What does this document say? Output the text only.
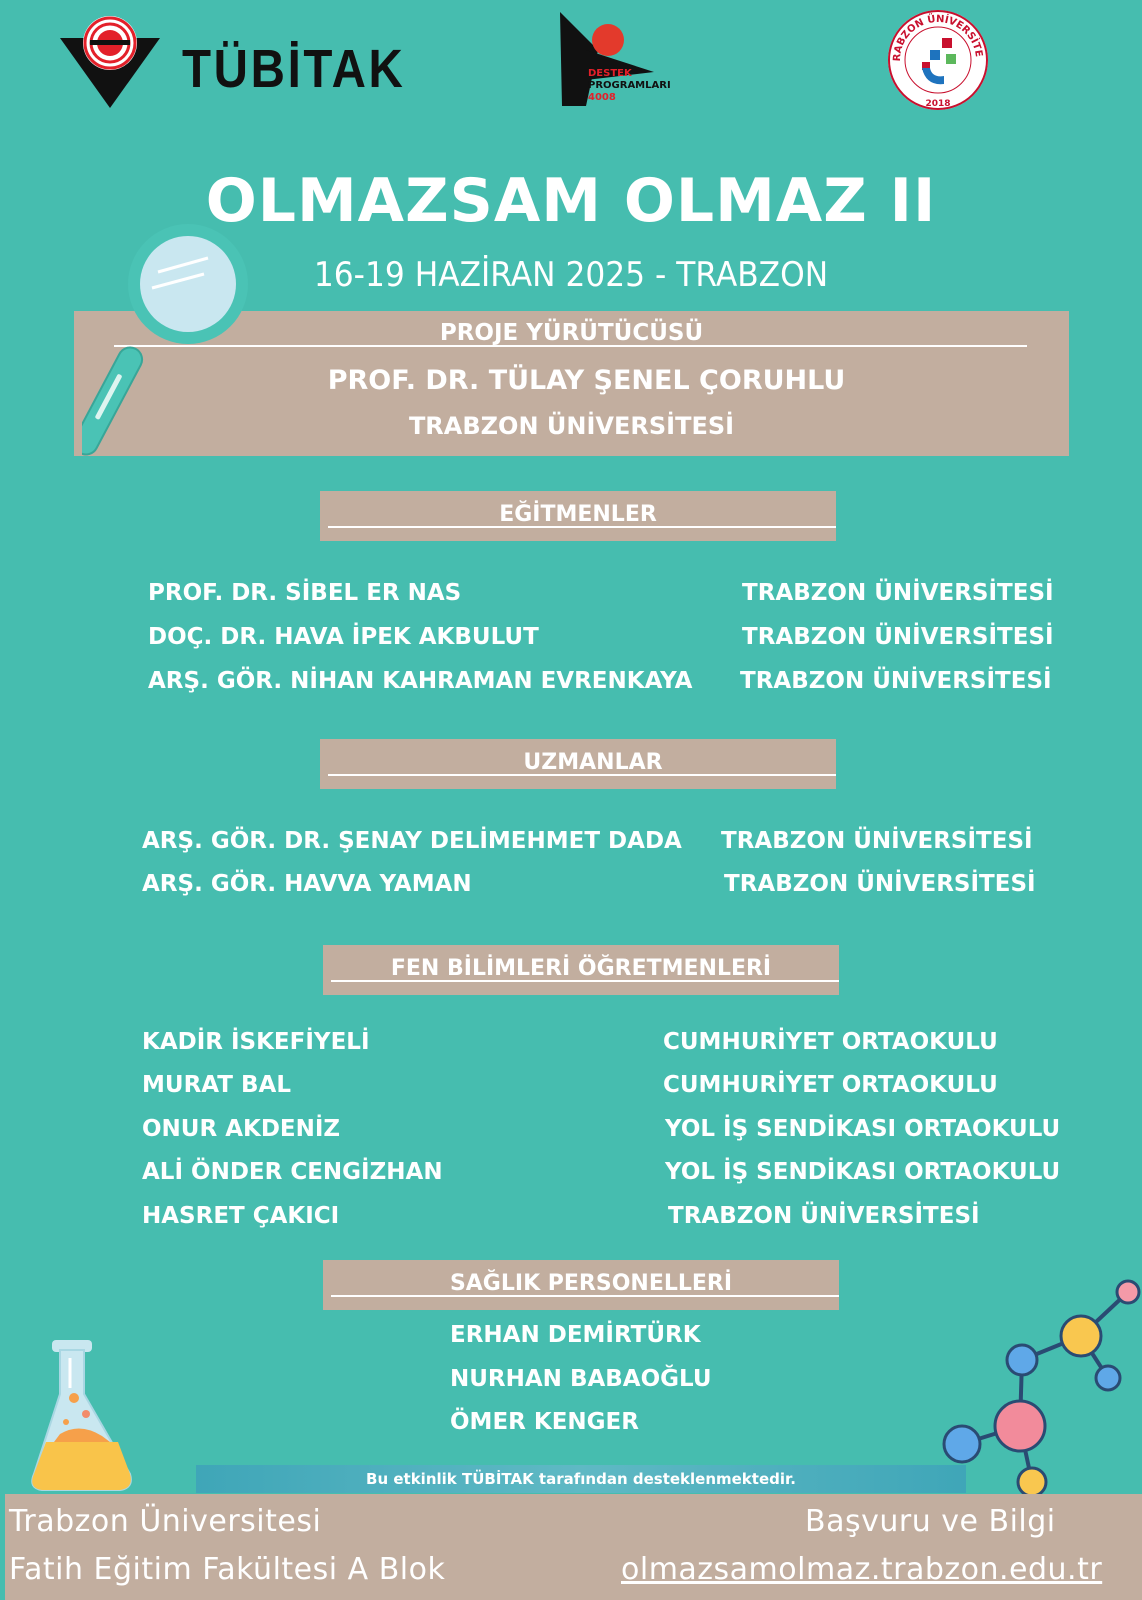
TÜBİTAK	DESTEK
PROGRAMLARI
4008
RABZON ÜNİVERSİTE
2018
OLMAZSAM OLMAZ II
16-19 HAZİRAN 2025 - TRABZON
PROJE YÜRÜTÜCÜSÜ
PROF. DR. TÜLAY ŞENEL ÇORUHLU
TRABZON ÜNİVERSİTESİ
EĞİTMENLER
PROF. DR. SİBEL ER NAS	TRABZON ÜNİVERSİTESİ
DOÇ. DR. HAVA İPEK AKBULUT	TRABZON ÜNİVERSİTESİ
ARŞ. GÖR. NİHAN KAHRAMAN EVRENKAYA TRABZON ÜNİVERSİTESİ
UZMANLAR
ARŞ. GÖR. DR. ŞENAY DELİMEHMET DADA TRABZON ÜNİVERSİTESİ
ARŞ. GÖR. HAVVA YAMAN	TRABZON ÜNİVERSİTESİ
FEN BİLİMLERİ ÖĞRETMENLERİ
KADİR İSKEFİYELİ	CUMHURİYET ORTAOKULU
MURAT BAL	CUMHURİYET ORTAOKULU
ONUR AKDENİZ	YOL İŞ SENDİKASI ORTAOKULU
ALİ ÖNDER CENGİZHAN	YOL İŞ SENDİKASI ORTAOKULU
HASRET ÇAKICI	TRABZON ÜNİVERSİTESİ
SAĞLIK PERSONELLERİ
ERHAN DEMİRTÜRK
NURHAN BABAOĞLU
ÖMER KENGER
Bu etkinlik TÜBİTAK tarafından desteklenmektedir.
Trabzon Üniversitesi
Fatih Eğitim Fakültesi A Blok
Başvuru ve Bilgi
olmazsamolmaz.trabzon.edu.tr
